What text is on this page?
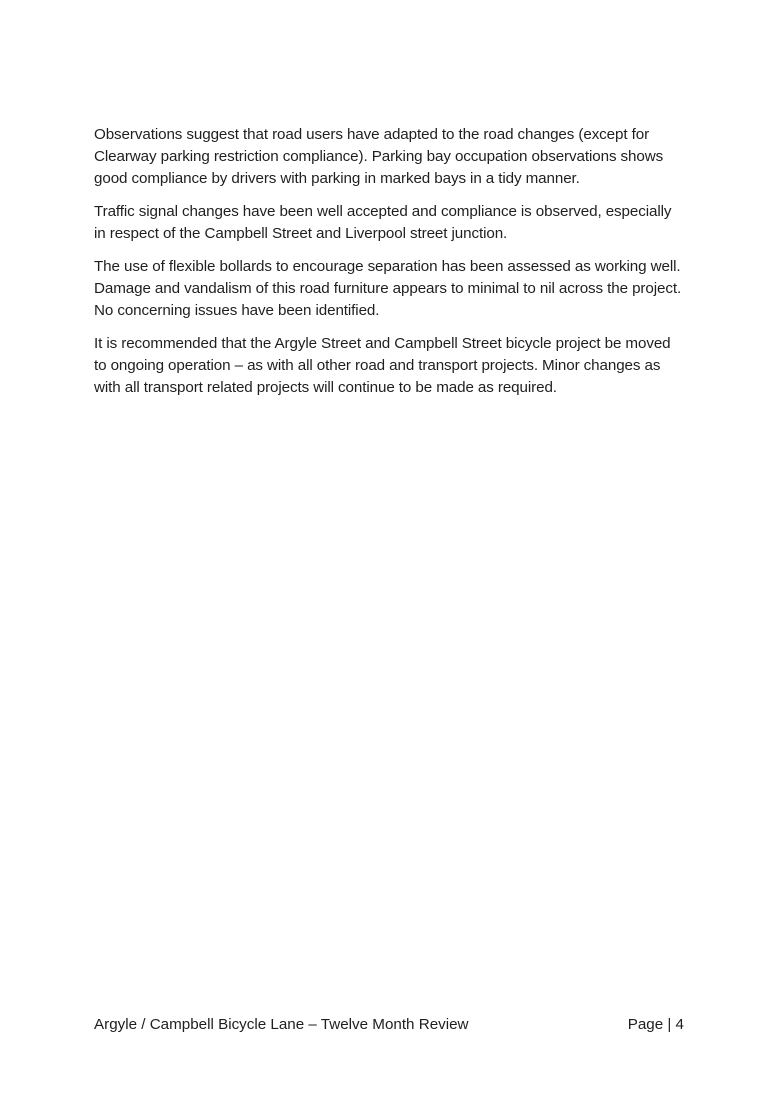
Observations suggest that road users have adapted to the road changes (except for Clearway parking restriction compliance). Parking bay occupation observations shows good compliance by drivers with parking in marked bays in a tidy manner.

Traffic signal changes have been well accepted and compliance is observed, especially in respect of the Campbell Street and Liverpool street junction.

The use of flexible bollards to encourage separation has been assessed as working well. Damage and vandalism of this road furniture appears to minimal to nil across the project. No concerning issues have been identified.

It is recommended that the Argyle Street and Campbell Street bicycle project be moved to ongoing operation – as with all other road and transport projects. Minor changes as with all transport related projects will continue to be made as required.

Argyle / Campbell Bicycle Lane – Twelve Month Review	Page | 4
